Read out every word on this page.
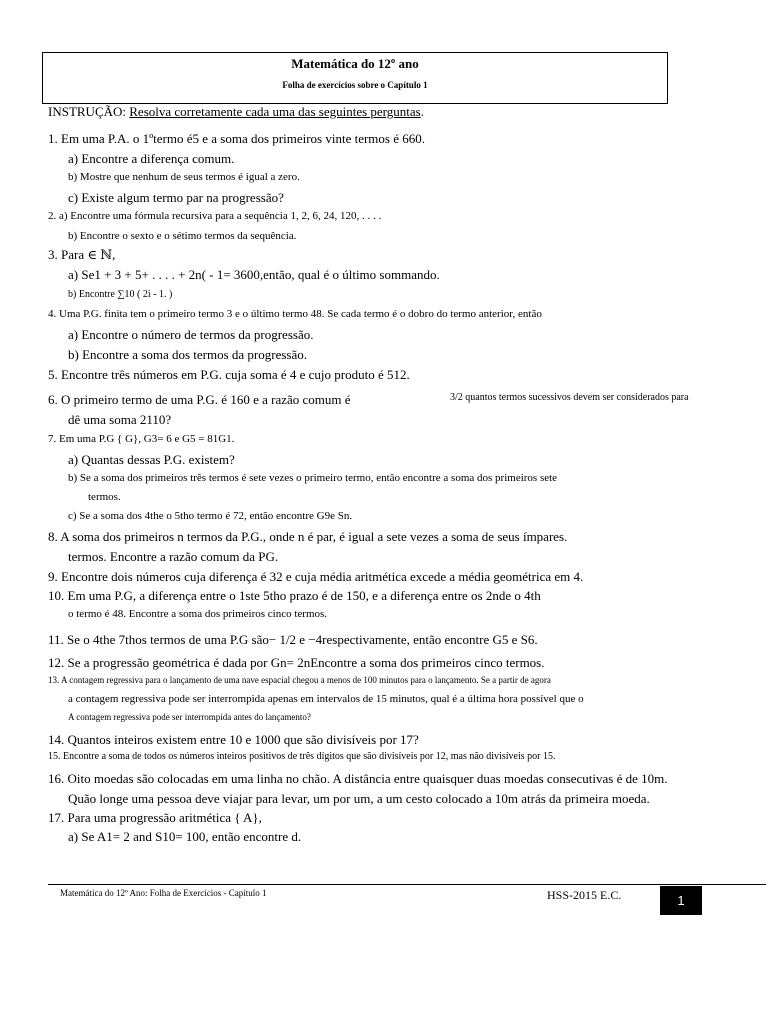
Matemática do 12º ano
Folha de exercícios sobre o Capítulo 1
INSTRUÇÃO: Resolva corretamente cada uma das seguintes perguntas.
1. Em uma P.A. o 1ºtermo é5 e a soma dos primeiros vinte termos é 660.
a) Encontre a diferença comum.
b) Mostre que nenhum de seus termos é igual a zero.
c) Existe algum termo par na progressão?
2. a) Encontre uma fórmula recursiva para a sequência 1, 2, 6, 24, 120, . . . .
b) Encontre o sexto e o sétimo termos da sequência.
3. Para ∈ ℕ,
a) Se1 + 3 + 5+ . . . . + 2n( - 1= 3600,então, qual é o último sommando.
b) Encontre ∑10 ( 2i - 1. )
4. Uma P.G. finita tem o primeiro termo 3 e o último termo 48. Se cada termo é o dobro do termo anterior, então
a) Encontre o número de termos da progressão.
b) Encontre a soma dos termos da progressão.
5. Encontre três números em P.G. cuja soma é 4 e cujo produto é 512.
6. O primeiro termo de uma P.G. é 160 e a razão comum é	3/2 quantos termos sucessivos devem ser considerados para
dê uma soma 2110?
7. Em uma P.G { G}, G3= 6 e G5 = 81G1.
a) Quantas dessas P.G. existem?
b) Se a soma dos primeiros três termos é sete vezes o primeiro termo, então encontre a soma dos primeiros sete
termos.
c) Se a soma dos 4the o 5tho termo é 72, então encontre G9e Sn.
8. A soma dos primeiros n termos da P.G., onde n é par, é igual a sete vezes a soma de seus ímpares.
termos. Encontre a razão comum da PG.
9. Encontre dois números cuja diferença é 32 e cuja média aritmética excede a média geométrica em 4.
10. Em uma P.G, a diferença entre o 1ste 5tho prazo é de 150, e a diferença entre os 2nde o 4th
o termo é 48. Encontre a soma dos primeiros cinco termos.
11. Se o 4the 7thos termos de uma P.G são− 1/2 e −4respectivamente, então encontre G5 e S6.
12. Se a progressão geométrica é dada por Gn= 2nEncontre a soma dos primeiros cinco termos.
13. A contagem regressiva para o lançamento de uma nave espacial chegou a menos de 100 minutos para o lançamento. Se a partir de agora
a contagem regressiva pode ser interrompida apenas em intervalos de 15 minutos, qual é a última hora possível que o
A contagem regressiva pode ser interrompida antes do lançamento?
14. Quantos inteiros existem entre 10 e 1000 que são divisíveis por 17?
15. Encontre a soma de todos os números inteiros positivos de três dígitos que são divisíveis por 12, mas não divisíveis por 15.
16. Oito moedas são colocadas em uma linha no chão. A distância entre quaisquer duas moedas consecutivas é de 10m.
Quão longe uma pessoa deve viajar para levar, um por um, a um cesto colocado a 10m atrás da primeira moeda.
17. Para uma progressão aritmética { A},
a) Se A1= 2 and S10= 100, então encontre d.
Matemática do 12º Ano: Folha de Exercícios - Capítulo 1	HSS-2015 E.C.	1
